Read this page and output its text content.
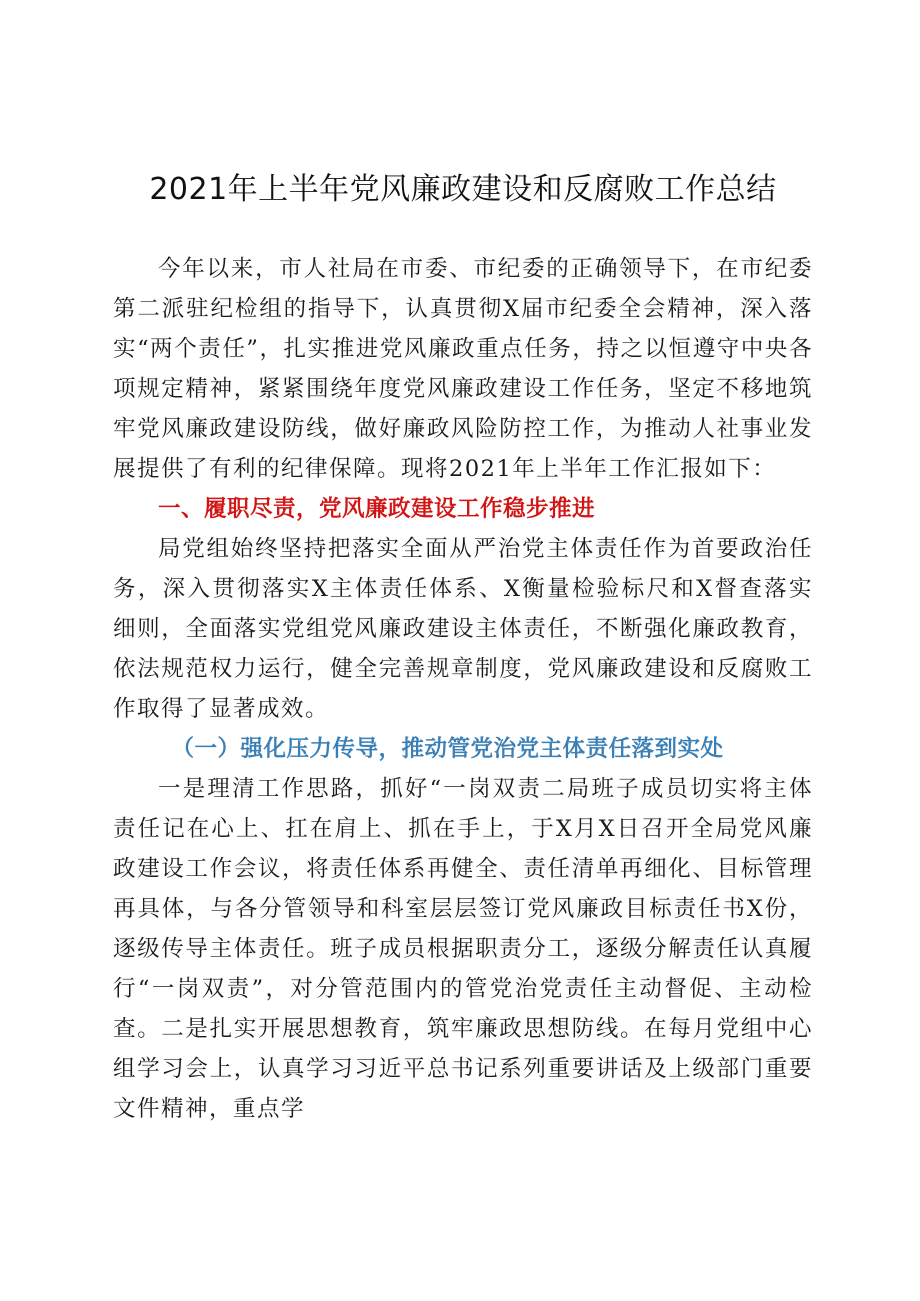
2021年上半年党风廉政建设和反腐败工作总结

今年以来，市人社局在市委、市纪委的正确领导下，在市纪委第二派驻纪检组的指导下，认真贯彻X届市纪委全会精神，深入落实“两个责任”，扎实推进党风廉政重点任务，持之以恒遵守中央各项规定精神，紧紧围绕年度党风廉政建设工作任务，坚定不移地筑牢党风廉政建设防线，做好廉政风险防控工作，为推动人社事业发展提供了有利的纪律保障。现将2021年上半年工作汇报如下：

一、履职尽责，党风廉政建设工作稳步推进

局党组始终坚持把落实全面从严治党主体责任作为首要政治任务，深入贯彻落实X主体责任体系、X衡量检验标尺和X督查落实细则，全面落实党组党风廉政建设主体责任，不断强化廉政教育，依法规范权力运行，健全完善规章制度，党风廉政建设和反腐败工作取得了显著成效。

（一）强化压力传导，推动管党治党主体责任落到实处

一是理清工作思路，抓好“一岗双责二局班子成员切实将主体责任记在心上、扛在肩上、抓在手上，于X月X日召开全局党风廉政建设工作会议，将责任体系再健全、责任清单再细化、目标管理再具体，与各分管领导和科室层层签订党风廉政目标责任书X份，逐级传导主体责任。班子成员根据职责分工，逐级分解责任认真履行“一岗双责”，对分管范围内的管党治党责任主动督促、主动检查。二是扎实开展思想教育，筑牢廉政思想防线。在每月党组中心组学习会上，认真学习习近平总书记系列重要讲话及上级部门重要文件精神，重点学
